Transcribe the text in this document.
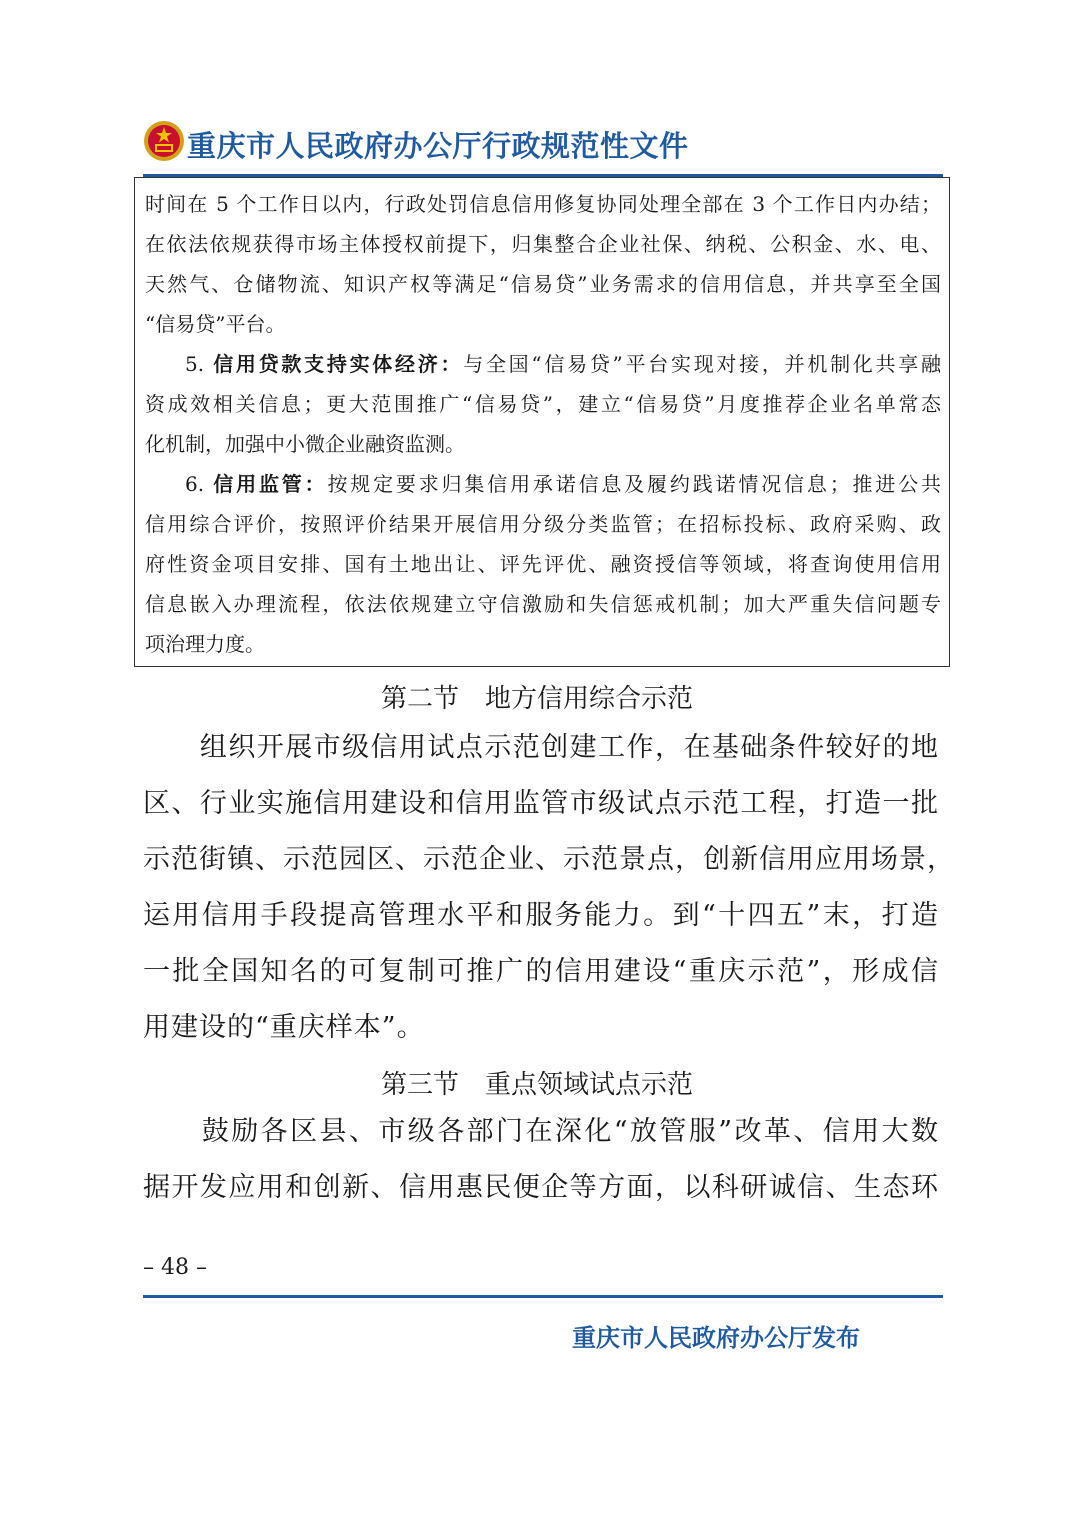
重庆市人民政府办公厅行政规范性文件
时间在 5 个工作日以内，行政处罚信息信用修复协同处理全部在 3 个工作日内办结；
在依法依规获得市场主体授权前提下，归集整合企业社保、纳税、公积金、水、电、
天然气、仓储物流、知识产权等满足“信易贷”业务需求的信用信息，并共享至全国
“信易贷”平台。
5. 信用贷款支持实体经济：与全国“信易贷”平台实现对接，并机制化共享融
资成效相关信息；更大范围推广“信易贷”，建立“信易贷”月度推荐企业名单常态
化机制，加强中小微企业融资监测。
6. 信用监管：按规定要求归集信用承诺信息及履约践诺情况信息；推进公共
信用综合评价，按照评价结果开展信用分级分类监管；在招标投标、政府采购、政
府性资金项目安排、国有土地出让、评先评优、融资授信等领域，将查询使用信用
信息嵌入办理流程，依法依规建立守信激励和失信惩戒机制；加大严重失信问题专
项治理力度。
第二节　地方信用综合示范
　　组织开展市级信用试点示范创建工作，在基础条件较好的地
区、行业实施信用建设和信用监管市级试点示范工程，打造一批
示范街镇、示范园区、示范企业、示范景点，创新信用应用场景，
运用信用手段提高管理水平和服务能力。到“十四五”末，打造
一批全国知名的可复制可推广的信用建设“重庆示范”，形成信
用建设的“重庆样本”。
第三节　重点领域试点示范
　　鼓励各区县、市级各部门在深化“放管服”改革、信用大数
据开发应用和创新、信用惠民便企等方面，以科研诚信、生态环
– 48 –
重庆市人民政府办公厅发布
